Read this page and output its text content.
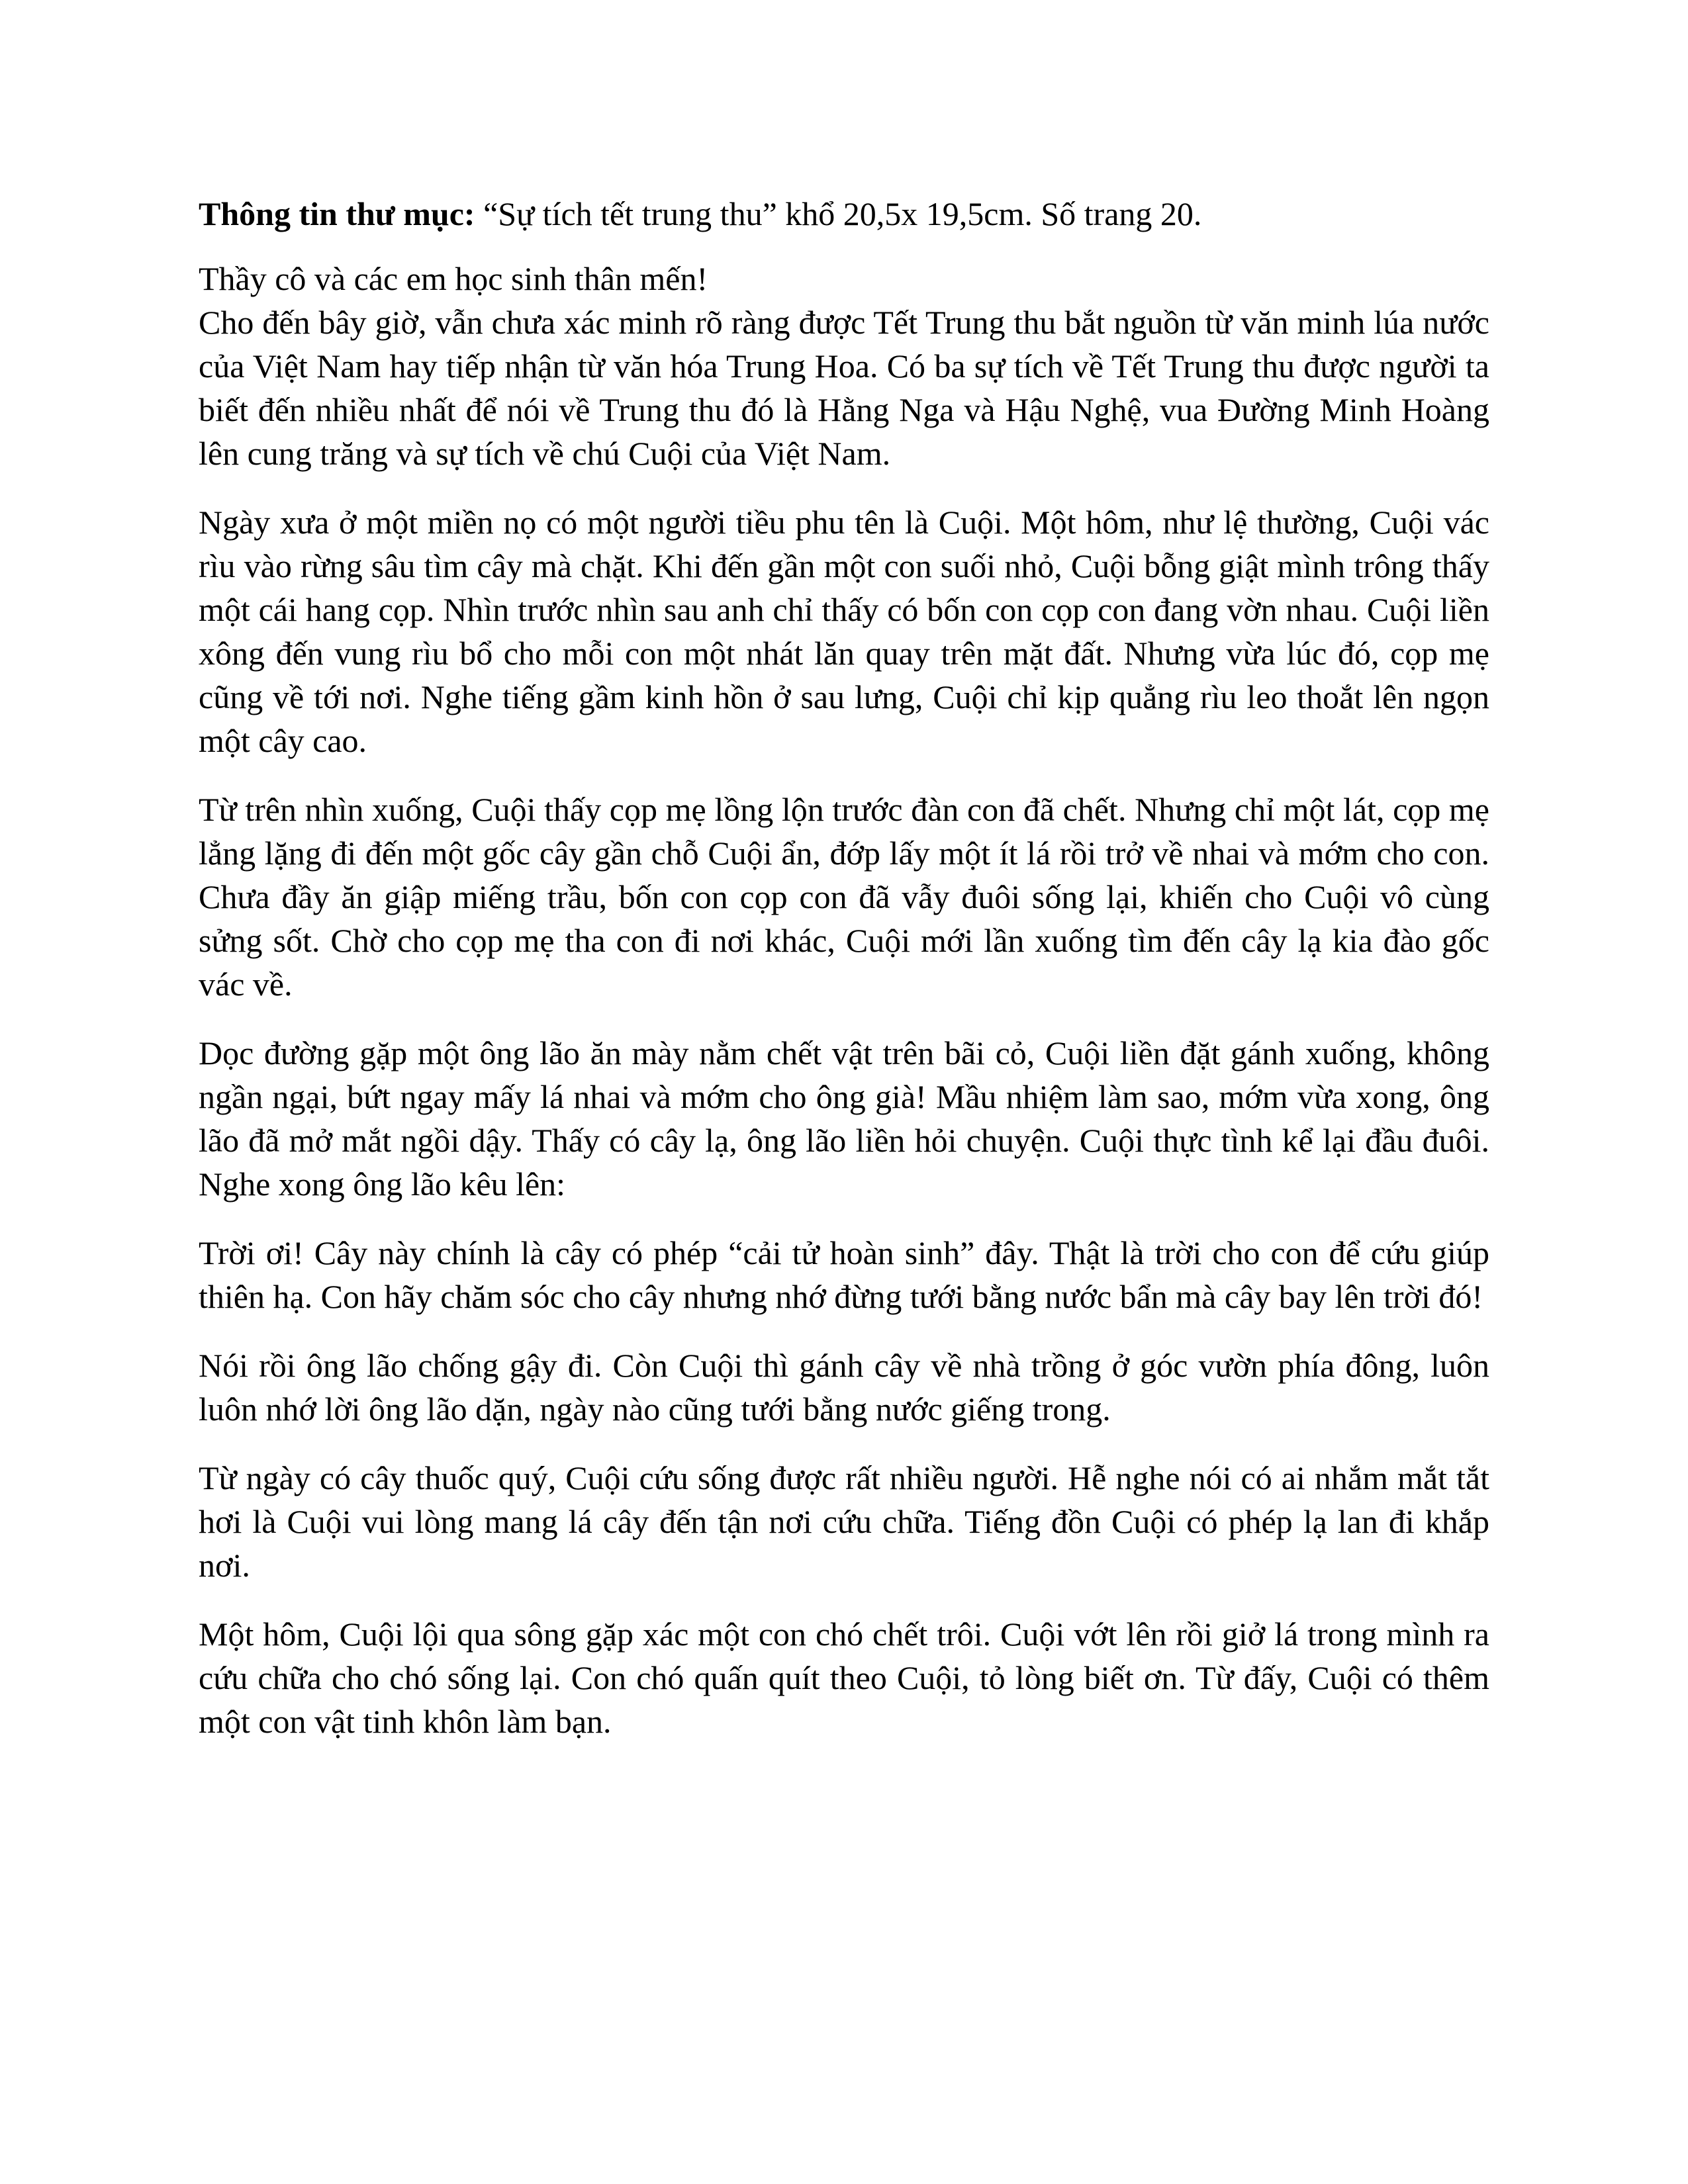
Thông tin thư mục: “Sự tích tết trung thu” khổ 20,5x 19,5cm. Số trang 20.

Thầy cô và các em học sinh thân mến!

Cho đến bây giờ, vẫn chưa xác minh rõ ràng được Tết Trung thu bắt nguồn từ văn minh lúa nước của Việt Nam hay tiếp nhận từ văn hóa Trung Hoa. Có ba sự tích về Tết Trung thu được người ta biết đến nhiều nhất để nói về Trung thu đó là Hằng Nga và Hậu Nghệ, vua Đường Minh Hoàng lên cung trăng và sự tích về chú Cuội của Việt Nam.

Ngày xưa ở một miền nọ có một người tiều phu tên là Cuội. Một hôm, như lệ thường, Cuội vác rìu vào rừng sâu tìm cây mà chặt. Khi đến gần một con suối nhỏ, Cuội bỗng giật mình trông thấy một cái hang cọp. Nhìn trước nhìn sau anh chỉ thấy có bốn con cọp con đang vờn nhau. Cuội liền xông đến vung rìu bổ cho mỗi con một nhát lăn quay trên mặt đất. Nhưng vừa lúc đó, cọp mẹ cũng về tới nơi. Nghe tiếng gầm kinh hồn ở sau lưng, Cuội chỉ kịp quẳng rìu leo thoắt lên ngọn một cây cao.

Từ trên nhìn xuống, Cuội thấy cọp mẹ lồng lộn trước đàn con đã chết. Nhưng chỉ một lát, cọp mẹ lẳng lặng đi đến một gốc cây gần chỗ Cuội ẩn, đớp lấy một ít lá rồi trở về nhai và mớm cho con. Chưa đầy ăn giập miếng trầu, bốn con cọp con đã vẫy đuôi sống lại, khiến cho Cuội vô cùng sửng sốt. Chờ cho cọp mẹ tha con đi nơi khác, Cuội mới lần xuống tìm đến cây lạ kia đào gốc vác về.

Dọc đường gặp một ông lão ăn mày nằm chết vật trên bãi cỏ, Cuội liền đặt gánh xuống, không ngần ngại, bứt ngay mấy lá nhai và mớm cho ông già! Mầu nhiệm làm sao, mớm vừa xong, ông lão đã mở mắt ngồi dậy. Thấy có cây lạ, ông lão liền hỏi chuyện. Cuội thực tình kể lại đầu đuôi. Nghe xong ông lão kêu lên:

Trời ơi! Cây này chính là cây có phép “cải tử hoàn sinh” đây. Thật là trời cho con để cứu giúp thiên hạ. Con hãy chăm sóc cho cây nhưng nhớ đừng tưới bằng nước bẩn mà cây bay lên trời đó!

Nói rồi ông lão chống gậy đi. Còn Cuội thì gánh cây về nhà trồng ở góc vườn phía đông, luôn luôn nhớ lời ông lão dặn, ngày nào cũng tưới bằng nước giếng trong.

Từ ngày có cây thuốc quý, Cuội cứu sống được rất nhiều người. Hễ nghe nói có ai nhắm mắt tắt hơi là Cuội vui lòng mang lá cây đến tận nơi cứu chữa. Tiếng đồn Cuội có phép lạ lan đi khắp nơi.

Một hôm, Cuội lội qua sông gặp xác một con chó chết trôi. Cuội vớt lên rồi giở lá trong mình ra cứu chữa cho chó sống lại. Con chó quấn quít theo Cuội, tỏ lòng biết ơn. Từ đấy, Cuội có thêm một con vật tinh khôn làm bạn.
